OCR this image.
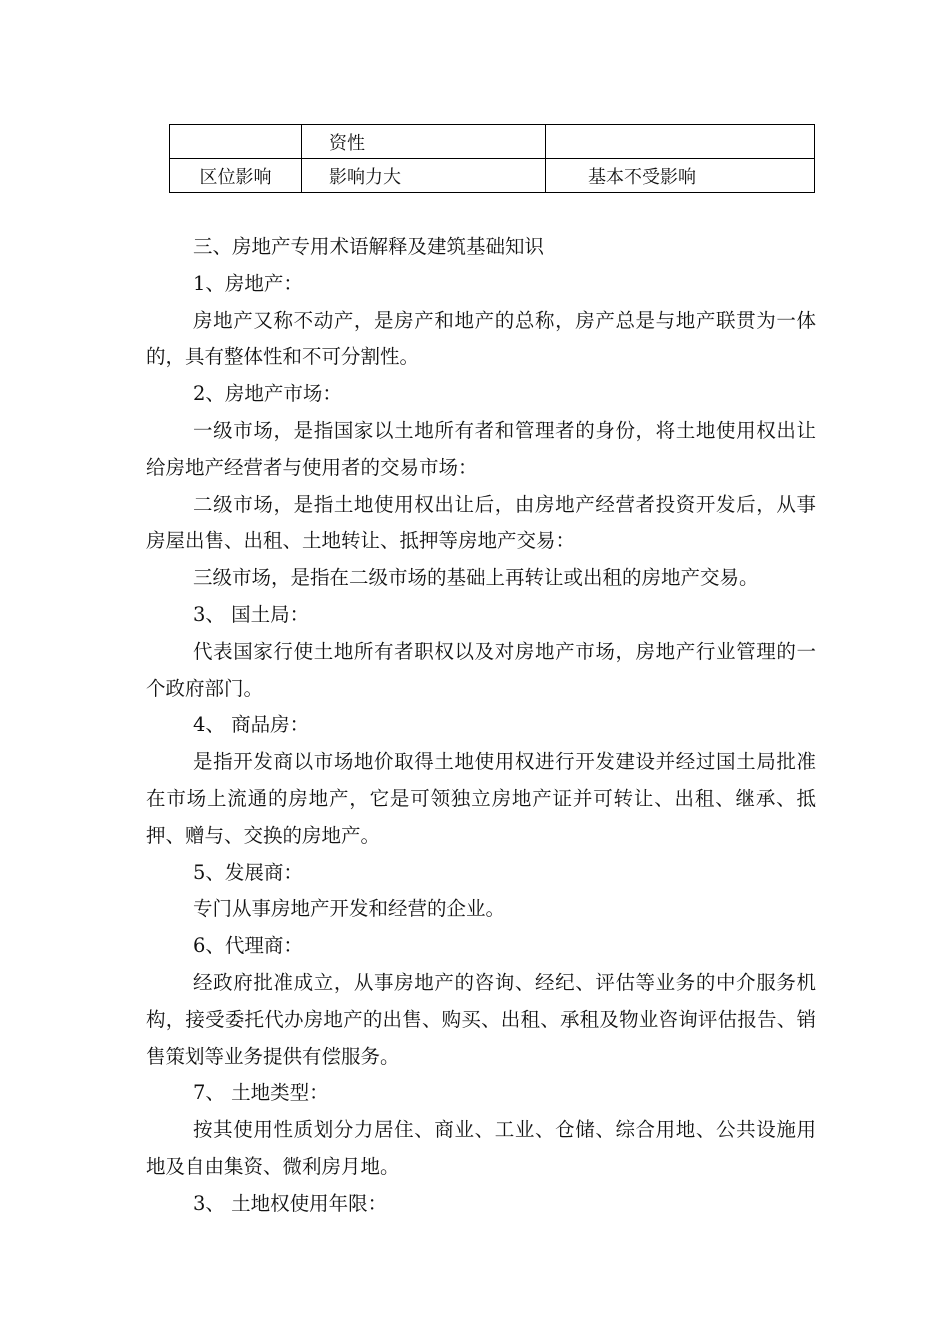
	资性	
区位影响	影响力大	基本不受影响

三、房地产专用术语解释及建筑基础知识

1、房地产：

房地产又称不动产，是房产和地产的总称，房产总是与地产联贯为一体的，具有整体性和不可分割性。

2、房地产市场：

一级市场，是指国家以土地所有者和管理者的身份，将土地使用权出让给房地产经营者与使用者的交易市场：

二级市场，是指土地使用权出让后，由房地产经营者投资开发后，从事房屋出售、出租、土地转让、抵押等房地产交易：

三级市场，是指在二级市场的基础上再转让或出租的房地产交易。

3、 国土局：

代表国家行使土地所有者职权以及对房地产市场，房地产行业管理的一个政府部门。

4、 商品房：

是指开发商以市场地价取得土地使用权进行开发建设并经过国土局批准在市场上流通的房地产，它是可领独立房地产证并可转让、出租、继承、抵押、赠与、交换的房地产。

5、发展商：

专门从事房地产开发和经营的企业。

6、代理商：

经政府批准成立，从事房地产的咨询、经纪、评估等业务的中介服务机构，接受委托代办房地产的出售、购买、出租、承租及物业咨询评估报告、销售策划等业务提供有偿服务。

7、 土地类型：

按其使用性质划分力居住、商业、工业、仓储、综合用地、公共设施用地及自由集资、微利房月地。

3、 土地权使用年限：
